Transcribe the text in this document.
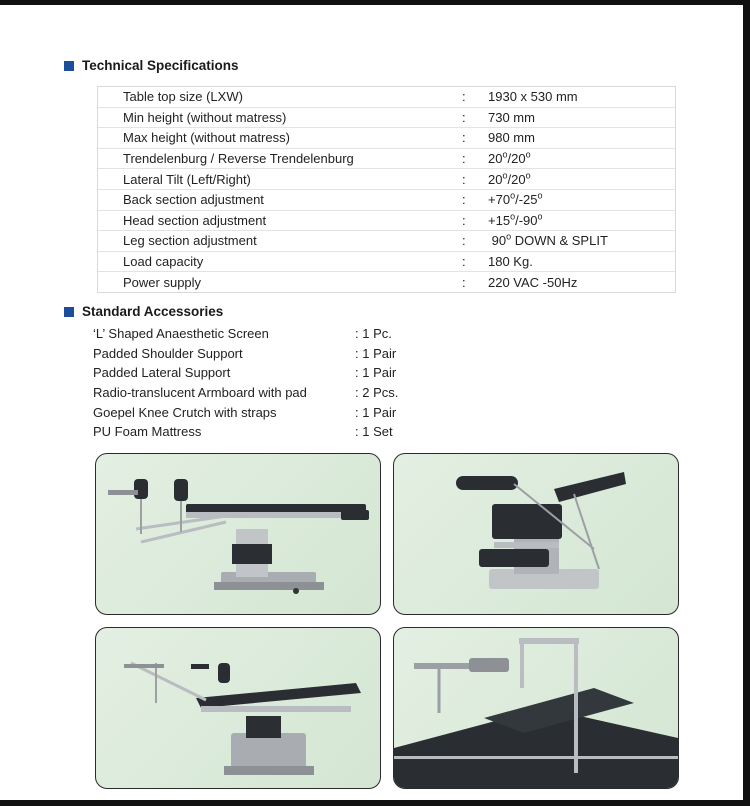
Technical Specifications
Table top size (LXW)	:	1930 x 530 mm
Min height (without matress)	:	730 mm
Max height (without matress)	:	980 mm
Trendelenburg / Reverse Trendelenburg	:	20$^o$/20$^o$
Lateral Tilt (Left/Right)	:	20$^o$/20$^o$
Back section adjustment	:	$+70^o/-25^o$
Head section adjustment	:	$+15^o/-90^o$
Leg section adjustment	:	90$^o$ DOWN & SPLIT
Load capacity	:	180 Kg.
Power supply	:	220 VAC -50Hz
Standard Accessories
‘L’ Shaped Anaesthetic Screen	: 1 Pc.
Padded Shoulder Support	: 1 Pair
Padded Lateral Support	: 1 Pair
Radio-translucent Armboard with pad	: 2 Pcs.
Goepel Knee Crutch with straps	: 1 Pair
PU Foam Mattress	: 1 Set
